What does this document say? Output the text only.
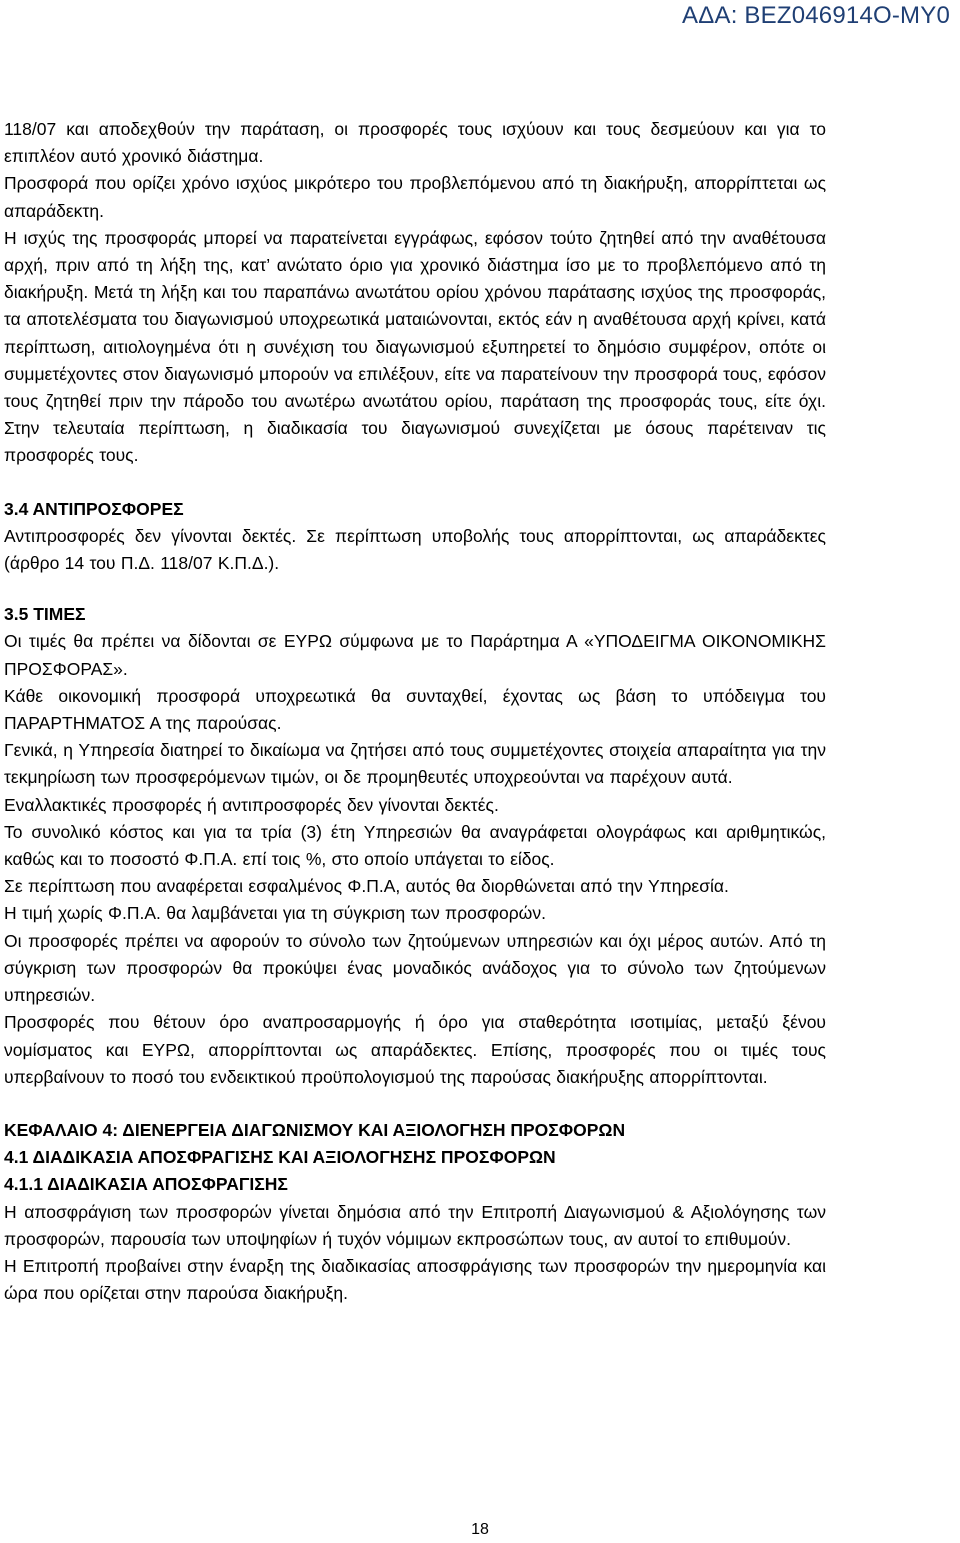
ΑΔΑ: ΒΕΖ046914Ο-ΜΥ0

118/07 και αποδεχθούν την παράταση, οι προσφορές τους ισχύουν και τους δεσμεύουν και για το επιπλέον αυτό χρονικό διάστημα.

Προσφορά που ορίζει χρόνο ισχύος μικρότερο του προβλεπόμενου από τη διακήρυξη, απορρίπτεται ως απαράδεκτη.

Η ισχύς της προσφοράς μπορεί να παρατείνεται εγγράφως, εφόσον τούτο ζητηθεί από την αναθέτουσα αρχή, πριν από τη λήξη της, κατ’ ανώτατο όριο για χρονικό διάστημα ίσο με το προβλεπόμενο από τη διακήρυξη. Μετά τη λήξη και του παραπάνω ανωτάτου ορίου χρόνου παράτασης ισχύος της προσφοράς, τα αποτελέσματα του διαγωνισμού υποχρεωτικά ματαιώνονται, εκτός εάν η αναθέτουσα αρχή κρίνει, κατά περίπτωση, αιτιολογημένα ότι η συνέχιση του διαγωνισμού εξυπηρετεί το δημόσιο συμφέρον, οπότε οι συμμετέχοντες στον διαγωνισμό μπορούν να επιλέξουν, είτε να παρατείνουν την προσφορά τους, εφόσον τους ζητηθεί πριν την πάροδο του ανωτέρω ανωτάτου ορίου, παράταση της προσφοράς τους, είτε όχι. Στην τελευταία περίπτωση, η διαδικασία του διαγωνισμού συνεχίζεται με όσους παρέτειναν τις προσφορές τους.

3.4 ΑΝΤΙΠΡΟΣΦΟΡΕΣ

Αντιπροσφορές δεν γίνονται δεκτές. Σε περίπτωση υποβολής τους απορρίπτονται, ως απαράδεκτες (άρθρο 14 του Π.Δ. 118/07 Κ.Π.Δ.).

3.5 ΤΙΜΕΣ

Οι τιμές θα πρέπει να δίδονται σε ΕΥΡΩ σύμφωνα με το Παράρτημα Α «ΥΠΟΔΕΙΓΜΑ ΟΙΚΟΝΟΜΙΚΗΣ ΠΡΟΣΦΟΡΑΣ».

Κάθε οικονομική προσφορά υποχρεωτικά θα συνταχθεί, έχοντας ως βάση το υπόδειγμα του ΠΑΡΑΡΤΗΜΑΤΟΣ Α της παρούσας.

Γενικά, η Υπηρεσία διατηρεί το δικαίωμα να ζητήσει από τους συμμετέχοντες στοιχεία απαραίτητα για την τεκμηρίωση των προσφερόμενων τιμών, οι δε προμηθευτές υποχρεούνται να παρέχουν αυτά.

Εναλλακτικές προσφορές ή αντιπροσφορές δεν γίνονται δεκτές.

Το συνολικό κόστος και για τα τρία (3) έτη Υπηρεσιών θα αναγράφεται ολογράφως και αριθμητικώς, καθώς και το ποσοστό Φ.Π.Α. επί τοις %, στο οποίο υπάγεται το είδος.

Σε περίπτωση που αναφέρεται εσφαλμένος Φ.Π.Α, αυτός θα διορθώνεται από την Υπηρεσία.

Η τιμή χωρίς Φ.Π.Α. θα λαμβάνεται για τη σύγκριση των προσφορών.

Οι προσφορές πρέπει να αφορούν το σύνολο των ζητούμενων υπηρεσιών και όχι μέρος αυτών. Από τη σύγκριση των προσφορών θα προκύψει ένας μοναδικός ανάδοχος για το σύνολο των ζητούμενων υπηρεσιών.

Προσφορές που θέτουν όρο αναπροσαρμογής ή όρο για σταθερότητα ισοτιμίας, μεταξύ ξένου νομίσματος και ΕΥΡΩ, απορρίπτονται ως απαράδεκτες. Επίσης, προσφορές που οι τιμές τους υπερβαίνουν το ποσό του ενδεικτικού προϋπολογισμού της παρούσας διακήρυξης απορρίπτονται.

ΚΕΦΑΛΑΙΟ 4: ΔΙΕΝΕΡΓΕΙΑ ΔΙΑΓΩΝΙΣΜΟΥ ΚΑΙ ΑΞΙΟΛΟΓΗΣΗ ΠΡΟΣΦΟΡΩΝ
4.1 ΔΙΑΔΙΚΑΣΙΑ ΑΠΟΣΦΡΑΓΙΣΗΣ ΚΑΙ ΑΞΙΟΛΟΓΗΣΗΣ ΠΡΟΣΦΟΡΩΝ
4.1.1 ΔΙΑΔΙΚΑΣΙΑ ΑΠΟΣΦΡΑΓΙΣΗΣ

Η αποσφράγιση των προσφορών γίνεται δημόσια από την Επιτροπή Διαγωνισμού & Αξιολόγησης των προσφορών, παρουσία των υποψηφίων ή τυχόν νόμιμων εκπροσώπων τους, αν αυτοί το επιθυμούν.

Η Επιτροπή προβαίνει στην έναρξη της διαδικασίας αποσφράγισης των προσφορών την ημερομηνία και ώρα που ορίζεται στην παρούσα διακήρυξη.

18
